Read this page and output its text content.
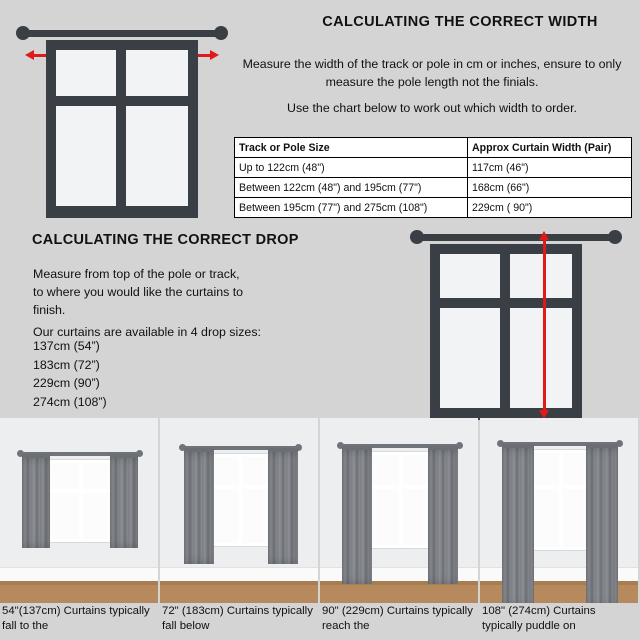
CALCULATING THE CORRECT WIDTH
Measure the width of the track or pole in cm or inches, ensure to only measure the pole length not the finials.
Use the chart below to work out which width to order.
Track or Pole Size	Approx Curtain Width (Pair)
Up to 122cm (48")	117cm (46")
Between 122cm (48") and 195cm (77")	168cm (66")
Between 195cm (77") and 275cm (108")	229cm ( 90")
CALCULATING THE CORRECT DROP
Measure from top of the pole or track, to where you would like the curtains to finish.
Our curtains are available in 4 drop sizes:
137cm (54”)
183cm (72”)
229cm (90”)
274cm (108”)
54"(137cm) Curtains typically fall to the
72" (183cm) Curtains typically fall below
90" (229cm) Curtains typically reach the
108" (274cm) Curtains typically puddle on
